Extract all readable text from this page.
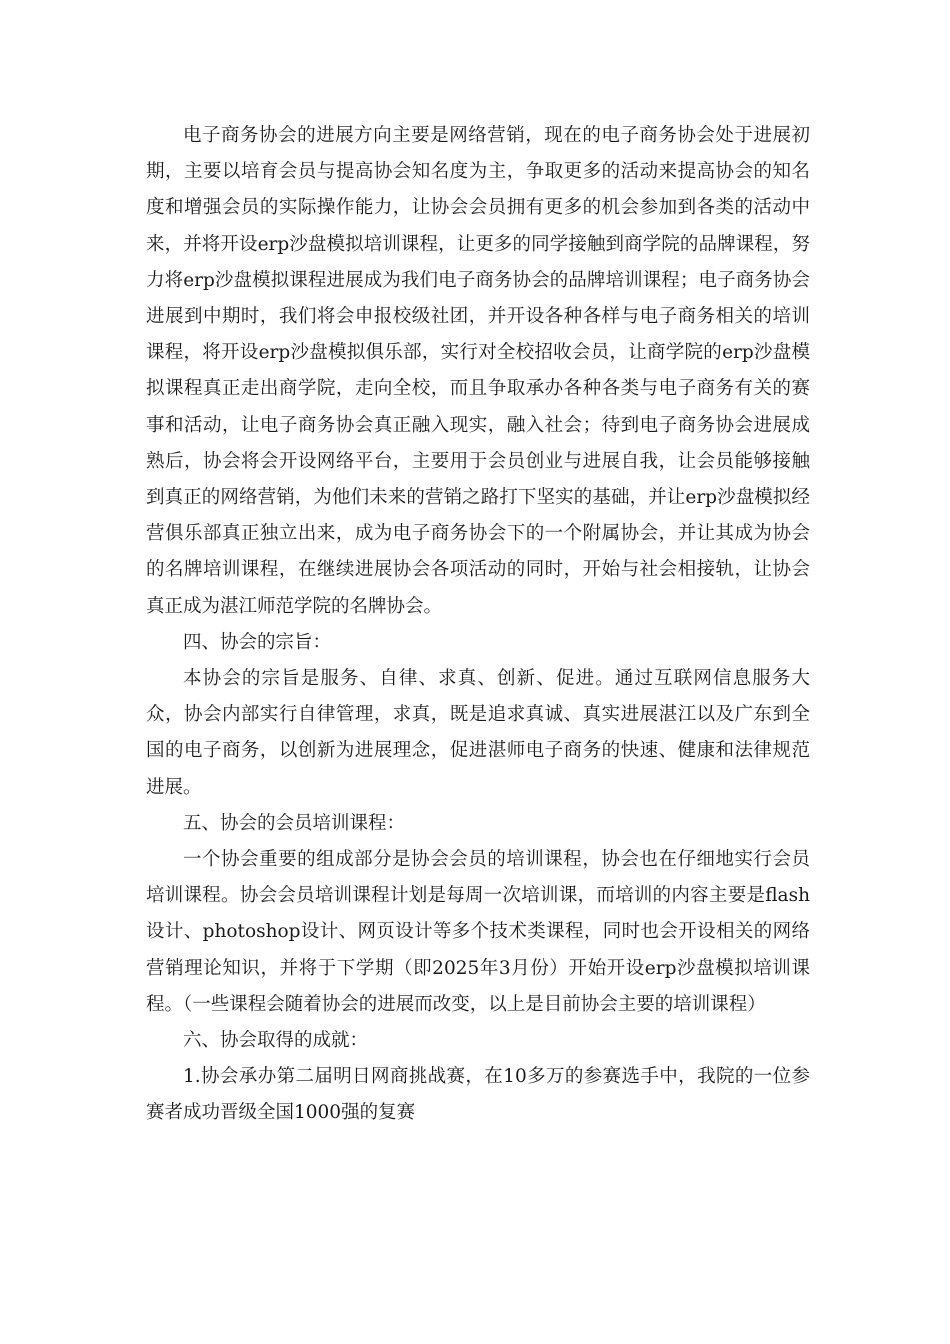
电子商务协会的进展方向主要是网络营销，现在的电子商务协会处于进展初期，主要以培育会员与提高协会知名度为主，争取更多的活动来提高协会的知名度和增强会员的实际操作能力，让协会会员拥有更多的机会参加到各类的活动中来，并将开设erp沙盘模拟培训课程，让更多的同学接触到商学院的品牌课程，努力将erp沙盘模拟课程进展成为我们电子商务协会的品牌培训课程；电子商务协会进展到中期时，我们将会申报校级社团，并开设各种各样与电子商务相关的培训课程，将开设erp沙盘模拟俱乐部，实行对全校招收会员，让商学院的erp沙盘模拟课程真正走出商学院，走向全校，而且争取承办各种各类与电子商务有关的赛事和活动，让电子商务协会真正融入现实，融入社会；待到电子商务协会进展成熟后，协会将会开设网络平台，主要用于会员创业与进展自我，让会员能够接触到真正的网络营销，为他们未来的营销之路打下坚实的基础，并让erp沙盘模拟经营俱乐部真正独立出来，成为电子商务协会下的一个附属协会，并让其成为协会的名牌培训课程，在继续进展协会各项活动的同时，开始与社会相接轨，让协会真正成为湛江师范学院的名牌协会。

四、协会的宗旨：

本协会的宗旨是服务、自律、求真、创新、促进。通过互联网信息服务大众，协会内部实行自律管理，求真，既是追求真诚、真实进展湛江以及广东到全国的电子商务，以创新为进展理念，促进湛师电子商务的快速、健康和法律规范进展。

五、协会的会员培训课程：

一个协会重要的组成部分是协会会员的培训课程，协会也在仔细地实行会员培训课程。协会会员培训课程计划是每周一次培训课，而培训的内容主要是flash设计、photoshop设计、网页设计等多个技术类课程，同时也会开设相关的网络营销理论知识，并将于下学期（即2025年3月份）开始开设erp沙盘模拟培训课程。（一些课程会随着协会的进展而改变，以上是目前协会主要的培训课程）

六、协会取得的成就：

1.协会承办第二届明日网商挑战赛，在10多万的参赛选手中，我院的一位参赛者成功晋级全国1000强的复赛
